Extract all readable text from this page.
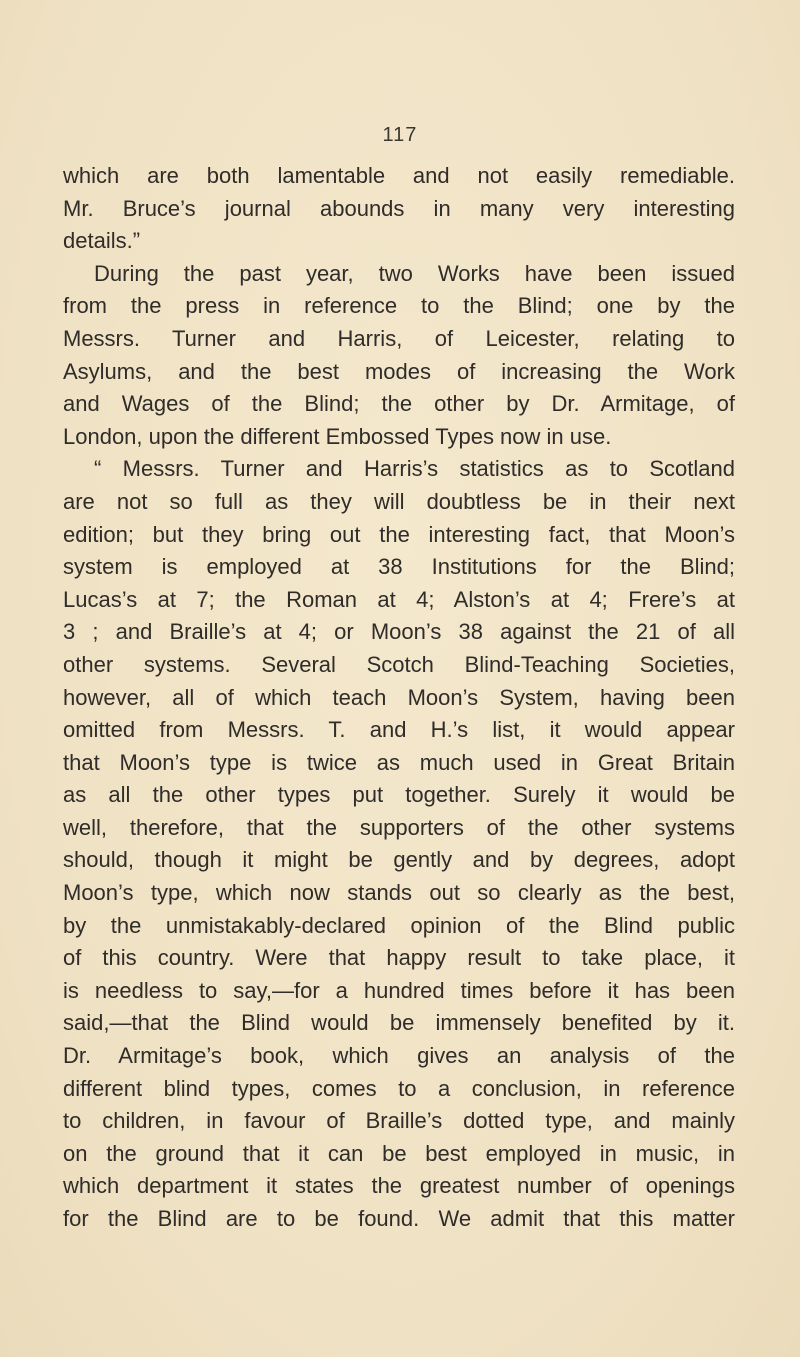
117
which are both lamentable and not easily remediable.
Mr. Bruce’s journal abounds in many very interesting
details.”
During the past year, two Works have been issued
from the press in reference to the Blind; one by the
Messrs. Turner and Harris, of Leicester, relating to
Asylums, and the best modes of increasing the Work
and Wages of the Blind; the other by Dr. Armitage, of
London, upon the different Embossed Types now in use.
“ Messrs. Turner and Harris’s statistics as to Scotland
are not so full as they will doubtless be in their next
edition; but they bring out the interesting fact, that Moon’s
system is employed at 38 Institutions for the Blind;
Lucas’s at 7; the Roman at 4; Alston’s at 4; Frere’s at
3 ; and Braille’s at 4; or Moon’s 38 against the 21 of all
other systems. Several Scotch Blind-Teaching Societies,
however, all of which teach Moon’s System, having been
omitted from Messrs. T. and H.’s list, it would appear
that Moon’s type is twice as much used in Great Britain
as all the other types put together. Surely it would be
well, therefore, that the supporters of the other systems
should, though it might be gently and by degrees, adopt
Moon’s type, which now stands out so clearly as the best,
by the unmistakably-declared opinion of the Blind public
of this country. Were that happy result to take place, it
is needless to say,—for a hundred times before it has been
said,—that the Blind would be immensely benefited by it.
Dr. Armitage’s book, which gives an analysis of the
different blind types, comes to a conclusion, in reference
to children, in favour of Braille’s dotted type, and mainly
on the ground that it can be best employed in music, in
which department it states the greatest number of openings
for the Blind are to be found. We admit that this matter
